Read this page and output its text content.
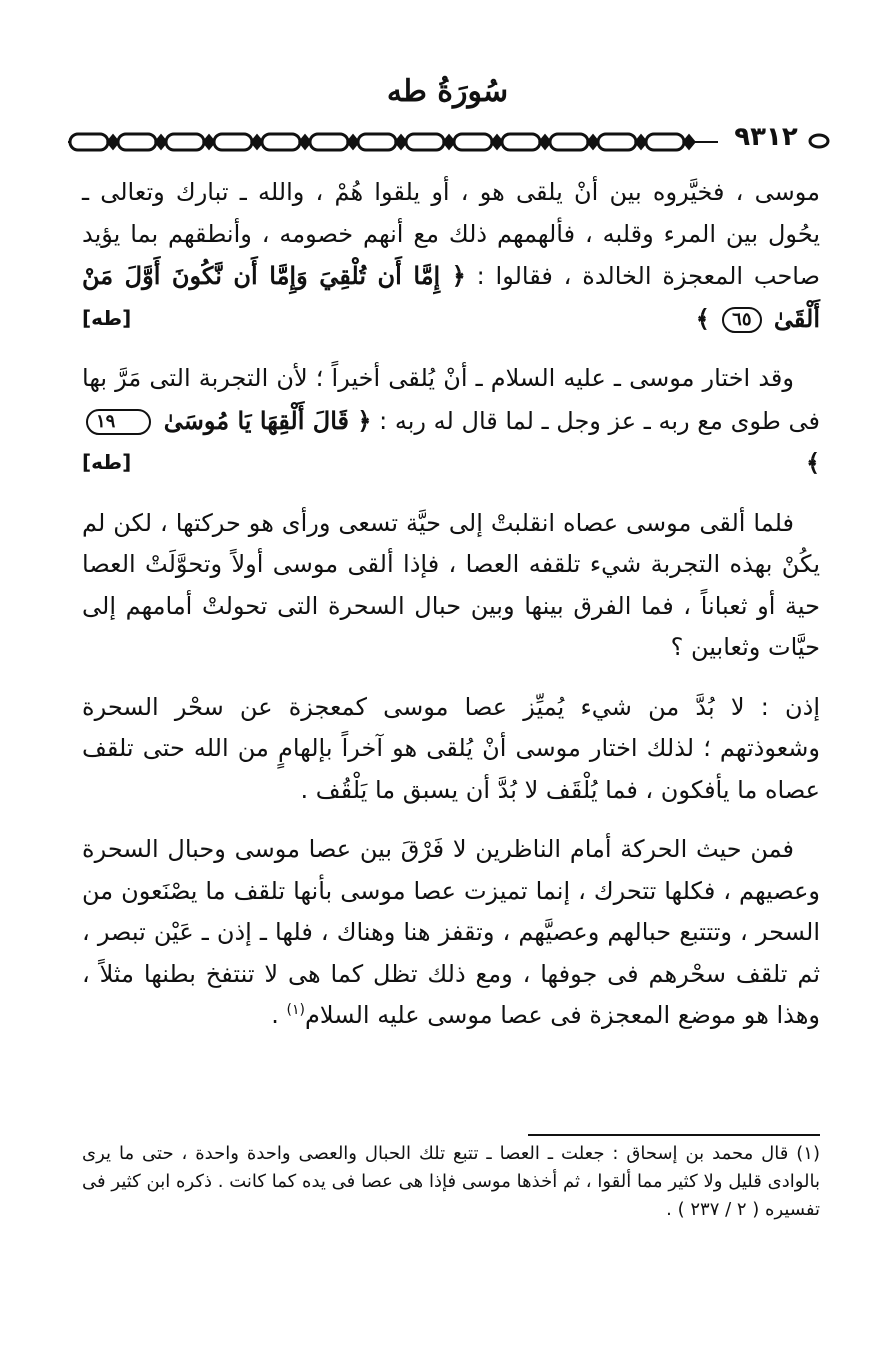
سُورَةُ طه
٩٣١٢

موسى ، فخيَّروه بين أنْ يلقى هو ، أو يلقوا هُمْ ، والله ـ تبارك وتعالى ـ يحُول بين المرء وقلبه ، فألهمهم ذلك مع أنهم خصومه ، وأنطقهم بما يؤيد صاحب المعجزة الخالدة ، فقالوا : ﴿ إِمَّا أَن تُلْقِيَ وَإِمَّا أَن نَّكُونَ أَوَّلَ مَنْ أَلْقَىٰ ٦٥ ﴾
[طه]

وقد اختار موسى ـ عليه السلام ـ أنْ يُلقى أخيراً ؛ لأن التجربة التى مَرَّ بها فى طوى مع ربه ـ عز وجل ـ لما قال له ربه : ﴿ قَالَ أَلْقِهَا يَا مُوسَىٰ ١٩ ﴾
[طه]

فلما ألقى موسى عصاه انقلبتْ إلى حيَّة تسعى ورأى هو حركتها ، لكن لم يكُنْ بهذه التجربة شيء تلقفه العصا ، فإذا ألقى موسى أولاً وتحوَّلَتْ العصا حية أو ثعباناً ، فما الفرق بينها وبين حبال السحرة التى تحولتْ أمامهم إلى حيَّات وثعابين ؟

إذن : لا بُدَّ من شيء يُميِّز عصا موسى كمعجزة عن سحْر السحرة وشعوذتهم ؛ لذلك اختار موسى أنْ يُلقى هو آخراً بإلهامٍ من الله حتى تلقف عصاه ما يأفكون ، فما يُلْقَف لا بُدَّ أن يسبق ما يَلْقُف .

فمن حيث الحركة أمام الناظرين لا فَرْقَ بين عصا موسى وحبال السحرة وعصيهم ، فكلها تتحرك ، إنما تميزت عصا موسى بأنها تلقف ما يصْنَعون من السحر ، وتتتبع حبالهم وعصيَّهم ، وتقفز هنا وهناك ، فلها ـ إذن ـ عَيْن تبصر ، ثم تلقف سحْرهم فى جوفها ، ومع ذلك تظل كما هى لا تنتفخ بطنها مثلاً ، وهذا هو موضع المعجزة فى عصا موسى عليه السلام$^{(١)}$ .

(١) قال محمد بن إسحاق : جعلت ـ العصا ـ تتبع تلك الحبال والعصى واحدة واحدة ، حتى ما يرى بالوادى قليل ولا كثير مما ألقوا ، ثم أخذها موسى فإذا هى عصا فى يده كما كانت . ذكره ابن كثير فى تفسيره ( ٢ / ٢٣٧ ) .
